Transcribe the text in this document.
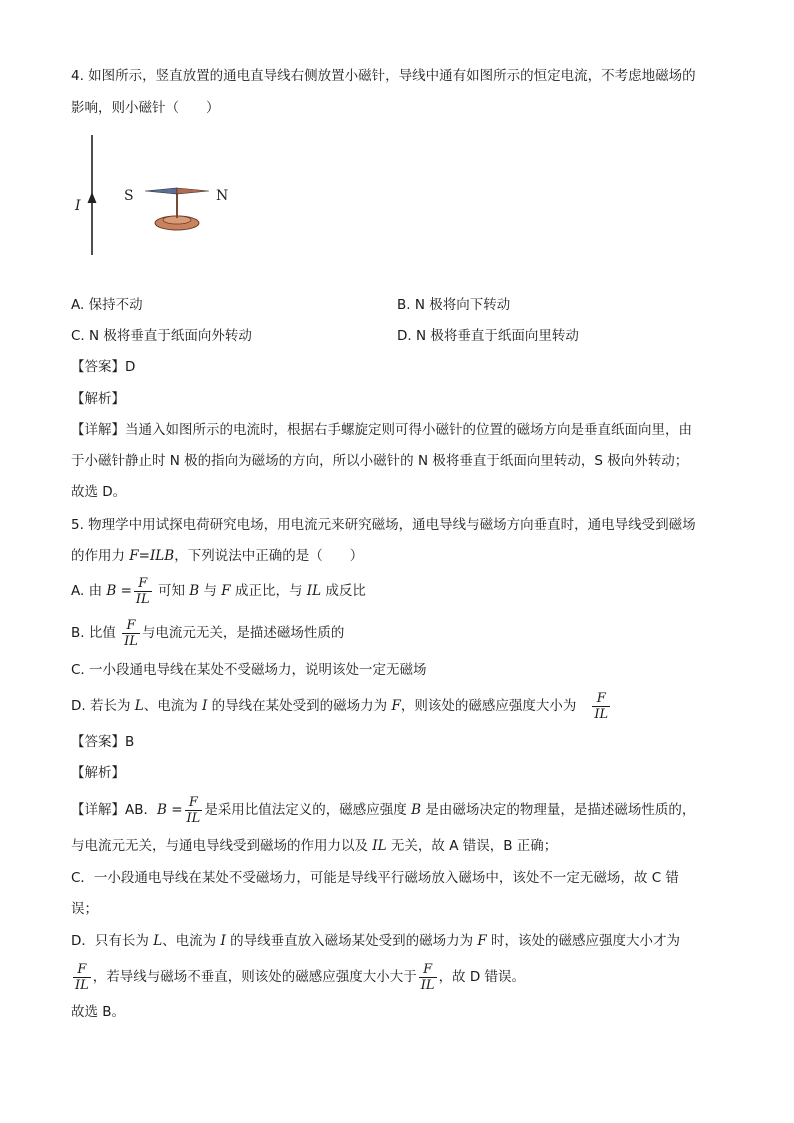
4. 如图所示，竖直放置的通电直导线右侧放置小磁针，导线中通有如图所示的恒定电流，不考虑地磁场的
影响，则小磁针（　　）
I
S	N
A. 保持不动	B. N 极将向下转动
C. N 极将垂直于纸面向外转动	D. N 极将垂直于纸面向里转动
【答案】D
【解析】
【详解】当通入如图所示的电流时，根据右手螺旋定则可得小磁针的位置的磁场方向是垂直纸面向里，由
于小磁针静止时 N 极的指向为磁场的方向，所以小磁针的 N 极将垂直于纸面向里转动，S 极向外转动；
故选 D。
5. 物理学中用试探电荷研究电场，用电流元来研究磁场，通电导线与磁场方向垂直时，通电导线受到磁场
的作用力 F=ILB，下列说法中正确的是（　　）
A. 由 $B = \frac{F}{IL}$ 可知 B 与 F 成正比，与 IL 成反比
B. 比值 $\frac{F}{IL}$ 与电流元无关，是描述磁场性质的
C. 一小段通电导线在某处不受磁场力，说明该处一定无磁场
D. 若长为 L、电流为 I 的导线在某处受到的磁场力为 F，则该处的磁感应强度大小为 $\frac{F}{IL}$
【答案】B
【解析】
【详解】AB．$B = \frac{F}{IL}$ 是采用比值法定义的，磁感应强度 B 是由磁场决定的物理量，是描述磁场性质的，
与电流元无关，与通电导线受到磁场的作用力以及 IL 无关，故 A 错误，B 正确；
C．一小段通电导线在某处不受磁场力，可能是导线平行磁场放入磁场中，该处不一定无磁场，故 C 错
误；
D．只有长为 L、电流为 I 的导线垂直放入磁场某处受到的磁场力为 F 时，该处的磁感应强度大小才为
$\frac{F}{IL}$ ，若导线与磁场不垂直，则该处的磁感应强度大小大于 $\frac{F}{IL}$ ，故 D 错误。
故选 B。
